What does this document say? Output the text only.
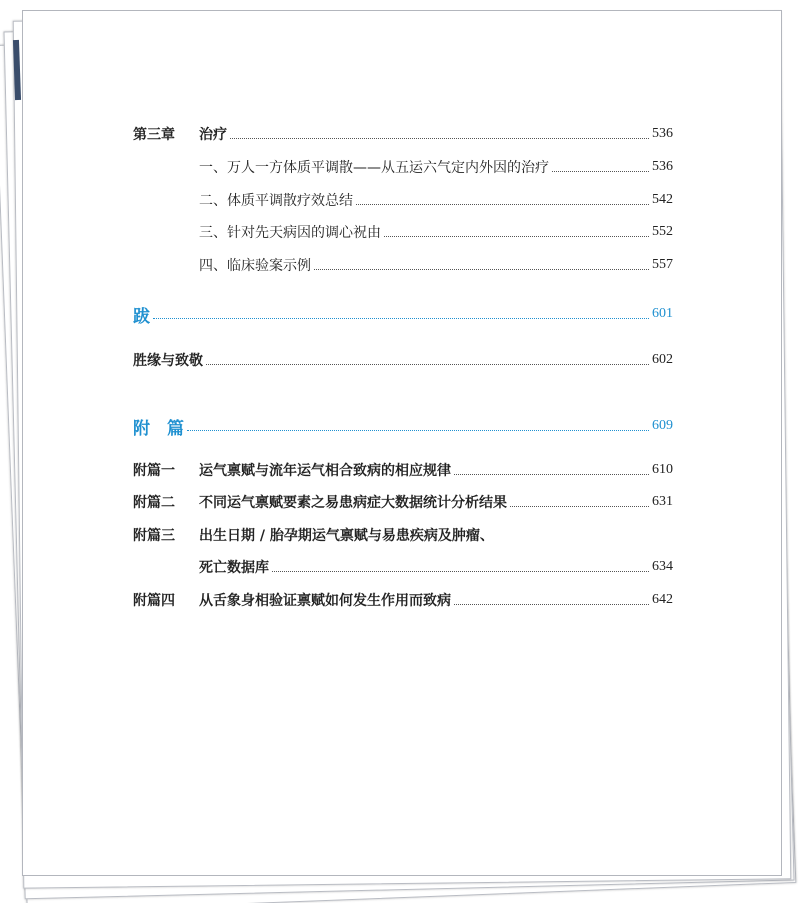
第三章	治疗	536
一、万人一方体质平调散——从五运六气定内外因的治疗	536
二、体质平调散疗效总结	542
三、针对先天病因的调心祝由	552
四、临床验案示例	557
跋	601
胜缘与致敬	602
附　篇	609
附篇一	运气禀赋与流年运气相合致病的相应规律	610
附篇二	不同运气禀赋要素之易患病症大数据统计分析结果	631
附篇三	出生日期 / 胎孕期运气禀赋与易患疾病及肿瘤、
死亡数据库	634
附篇四	从舌象身相验证禀赋如何发生作用而致病	642
